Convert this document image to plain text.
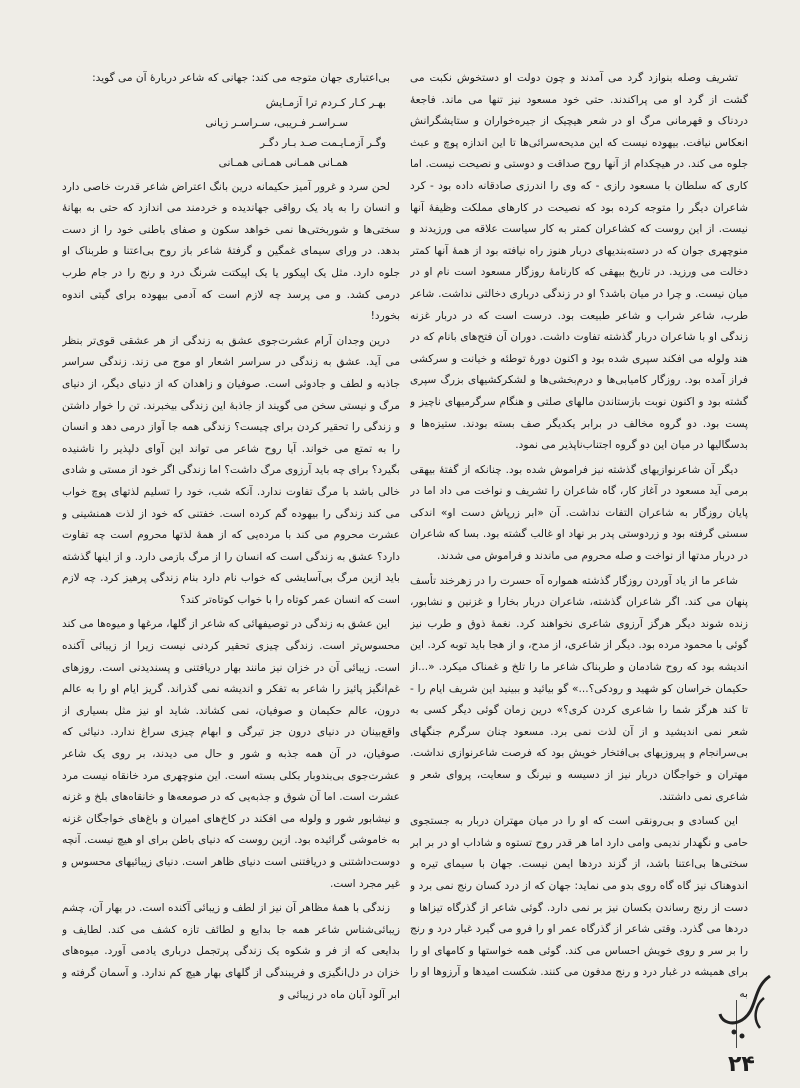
تشریف وصله بنوازد گرد می آمدند و چون دولت او دستخوش نکبت می گشت از گرد او می پراکندند. حتی خود مسعود نیز تنها می ماند. فاجعهٔ دردناک و قهرمانی مرگ او در شعر هیچیک از جیره‌خواران و ستایشگرانش انعکاس نیافت. بیهوده نیست که این مدیحه‌سرائی‌ها تا این اندازه پوچ و عبث جلوه می کند. در هیچکدام از آنها روح صداقت و دوستی و نصیحت نیست. اما کاری که سلطان با مسعود رازی - که وی را اندرزی صادقانه داده بود - کرد شاعران دیگر را متوجه کرده بود که نصیحت در کارهای مملکت وظیفهٔ آنها نیست. از این روست که کشاعران کمتر به کار سیاست علاقه می ورزیدند و منوچهری جوان که در دسته‌بندیهای دربار هنوز راه نیافته بود از همهٔ آنها کمتر دخالت می ورزید. در تاریخ بیهقی که کارنامهٔ روزگار مسعود است نام او در میان نیست. و چرا در میان باشد؟ او در زندگی درباری دخالتی نداشت. شاعر طرب، شاعر شراب و شاعر طبیعت بود. درست است که در دربار غزنه زندگی او با شاعران دربار گذشته تفاوت داشت. دوران آن فتح‌های بانام که در هند ولوله می افکند سپری شده بود و اکنون دورهٔ توطئه و خیانت و سرکشی فراز آمده بود. روزگار کامیابی‌ها و درم‌بخشی‌ها و لشکرکشیهای بزرگ سپری گشته بود و اکنون نوبت بازستاندن مالهای صلتی و هنگام سرگرمیهای ناچیز و پست بود. دو گروه مخالف در برابر یکدیگر صف بسته بودند. ستیزه‌ها و بدسگالیها در میان این دو گروه اجتناب‌ناپذیر می نمود.

دیگر آن شاعرنوازیهای گذشته نیز فراموش شده بود. چنانکه از گفتهٔ بیهقی برمی آید مسعود در آغاز کار، گاه شاعران را تشریف و نواخت می داد اما در پایان روزگار به شاعران التفات نداشت. آن «ابر زرپاش دست او» اندکی سستی گرفته بود و زردوستی پدر بر نهاد او غالب گشته بود. بسا که شاعران در دربار مدتها از نواخت و صله محروم می ماندند و فراموش می شدند.

شاعر ما از یاد آوردن روزگار گذشته همواره آه حسرت را در زهرخند تأسف پنهان می کند. اگر شاعران گذشته، شاعران دربار بخارا و غزنین و نشابور، زنده شوند دیگر هرگز آرزوی شاعری نخواهند کرد. نغمهٔ ذوق و طرب نیز گوئی با محمود مرده بود. دیگر از شاعری، از مدح، و از هجا باید توبه کرد. این اندیشه بود که روح شادمان و طربناک شاعر ما را تلخ و غمناک میکرد. «...از حکیمان خراسان کو شهید و رودکی؟...» گو بیائید و ببینید این شریف ایام را - تا کند هرگز شما را شاعری کردن کری؟» درین زمان گوئی دیگر کسی به شعر نمی اندیشید و از آن لذت نمی برد. مسعود چنان سرگرم جنگهای بی‌سرانجام و پیروزیهای بی‌افتخار خویش بود که فرصت شاعرنوازی نداشت. مهتران و خواجگان دربار نیز از دسیسه و نیرنگ و سعایت، پروای شعر و شاعری نمی داشتند.

این کسادی و بی‌رونقی است که او را در میان مهتران دربار به جستجوی حامی و نگهدار ندیمی وامی دارد اما هر قدر روح تستوه و شاداب او در بر ابر سختی‌ها بی‌اعتنا باشد، از گزند دردها ایمن نیست. جهان با سیمای تیره و اندوهناک نیز گاه گاه روی بدو می نماید: جهان که از درد کسان رنج نمی برد و دست از رنج رساندن بکسان نیز بر نمی دارد. گوئی شاعر از گذرگاه تیزاها و دردها می گذرد. وقتی شاعر از گذرگاه عمر او را فرو می گیرد غبار درد و رنج را بر سر و روی خویش احساس می کند. گوئی همه خواستها و کامهای او را برای همیشه در غبار درد و رنج مدفون می کنند. شکست امیدها و آرزوها او را به

بی‌اعتباری جهان متوجه می کند: جهانی که شاعر دربارهٔ آن می گوید:

بهـر کـار کـردم ترا آزمـایش
سـراسـر فـریبی، سـراسـر زیانی
وگـر آزمـایـمت صـد بـار دگـر
همـانی همـانی همـانی همـانی

لحن سرد و غرور آمیز حکیمانه درین بانگ اعتراض شاعر قدرت خاصی دارد و انسان را به یاد یک رواقی جهاندیده و خردمند می اندازد که حتی به بهانهٔ سختی‌ها و شوربختی‌ها نمی خواهد سکون و صفای باطنی خود را از دست بدهد. در ورای سیمای غمگین و گرفتهٔ شاعر باز روح بی‌اعتنا و طربناک او جلوه دارد. مثل یک اپیکور یا یک اپیکتت شرنگ درد و رنج را در جام طرب درمی کشد. و می پرسد چه لازم است که آدمی بیهوده برای گیتی اندوه بخورد!

درین وجدان آرام عشرت‌جوی عشق به زندگی از هر عشقی قوی‌تر بنظر می آید. عشق به زندگی در سراسر اشعار او موج می زند. زندگی سراسر جاذبه و لطف و جادوئی است. صوفیان و زاهدان که از دنیای دیگر، از دنیای مرگ و نیستی سخن می گویند از جاذبهٔ این زندگی بیخبرند. تن را خوار داشتن و زندگی را تحقیر کردن برای چیست؟ زندگی همه جا آواز درمی دهد و انسان را به تمتع می خواند. آیا روح شاعر می تواند این آوای دلپذیر را ناشنیده بگیرد؟ برای چه باید آرزوی مرگ داشت؟ اما زندگی اگر خود از مستی و شادی خالی باشد با مرگ تفاوت ندارد. آنکه شب، خود را تسلیم لذتهای پوچ خواب می کند زندگی را بیهوده گم کرده است. خفتنی که خود از لذت همنشینی و عشرت محروم می کند با مرده‌یی که از همهٔ لذتها محروم است چه تفاوت دارد؟ عشق به زندگی است که انسان را از مرگ بازمی دارد. و از اینها گذشته باید ازین مرگ بی‌آسایشی که خواب نام دارد بنام زندگی پرهیز کرد. چه لازم است که انسان عمر کوتاه را با خواب کوتاه‌تر کند؟

این عشق به زندگی در توصیفهائی که شاعر از گلها، مرغها و میوه‌ها می کند محسوس‌تر است. زندگی چیزی تحقیر کردنی نیست زیرا از زیبائی آکنده است. زیبائی آن در خزان نیز مانند بهار دریافتنی و پسندیدنی است. روزهای غم‌انگیز پائیز را شاعر به تفکر و اندیشه نمی گذراند. گریز ایام او را به عالم درون، عالم حکیمان و صوفیان، نمی کشاند. شاید او نیز مثل بسیاری از واقع‌بینان در دنیای درون جز تیرگی و ابهام چیزی سراغ ندارد. دنیائی که صوفیان، در آن همه جذبه و شور و حال می دیدند، بر روی یک شاعر عشرت‌جوی بی‌بندوبار بکلی بسته است. این منوچهری مرد خانقاه نیست مرد عشرت است. اما آن شوق و جذبه‌یی که در صومعه‌ها و خانقاه‌های بلخ و غزنه و نیشابور شور و ولوله می افکند در کاخ‌های امیران و باغ‌های خواجگان غزنه به خاموشی گرائیده بود. ازین روست که دنیای باطن برای او هیچ نیست. آنچه دوست‌داشتنی و دریافتنی است دنیای ظاهر است. دنیای زیبائیهای محسوس و غیر مجرد است.

زندگی با همهٔ مظاهر آن نیز از لطف و زیبائی آکنده است. در بهار آن، چشم زیبائی‌شناس شاعر همه جا بدایع و لطائف تازه کشف می کند. لطایف و بدایعی که از فر و شکوه یک زندگی پرتجمل درباری یادمی آورد. میوه‌های خزان در دل‌انگیزی و فریبندگی از گلهای بهار هیچ کم ندارد. و آسمان گرفته و ابر آلود آبان ماه در زیبائی و

۲۴
